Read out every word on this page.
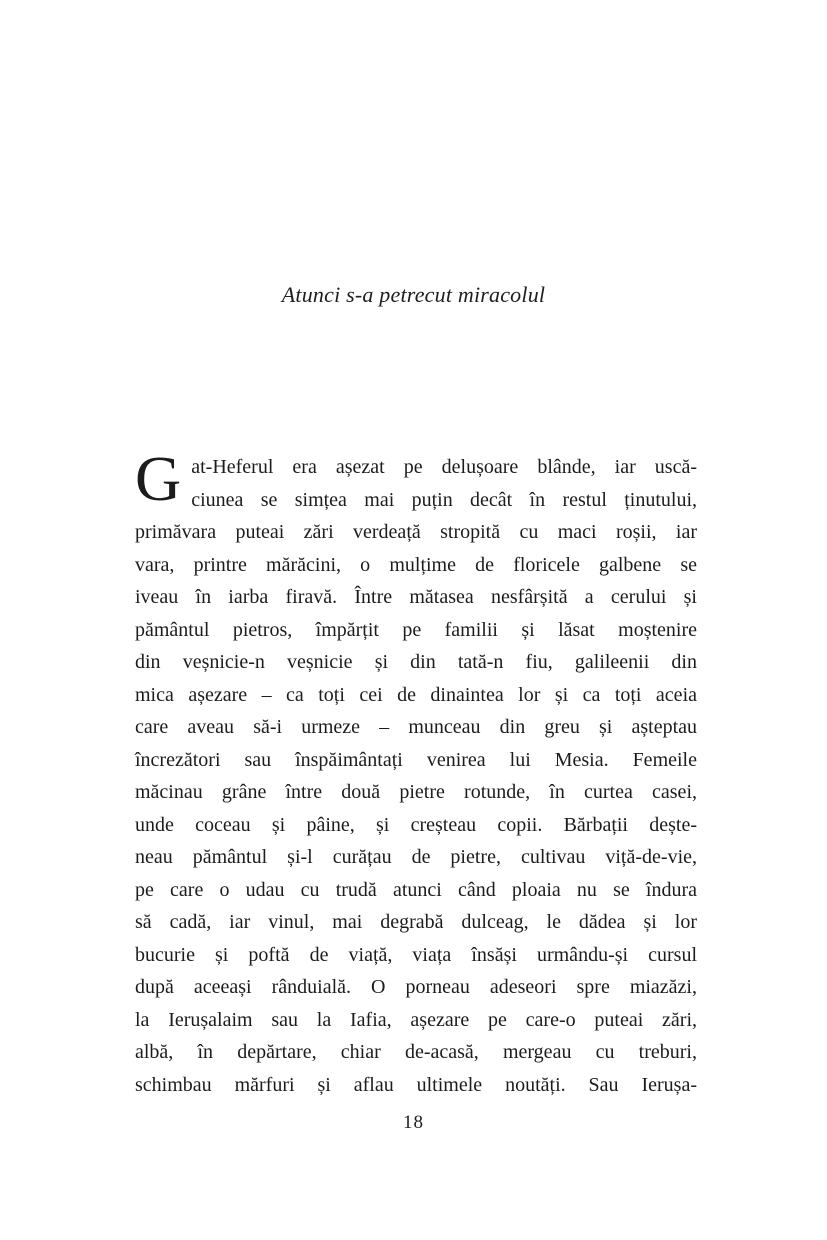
Atunci s-a petrecut miracolul
G at-Heferul era așezat pe delușoare blânde, iar uscă-
ciunea se simțea mai puțin decât în restul ținutului,
primăvara puteai zări verdeață stropită cu maci roșii, iar
vara, printre mărăcini, o mulțime de floricele galbene se
iveau în iarba firavă. Între mătasea nesfârșită a cerului și
pământul pietros, împărțit pe familii și lăsat moștenire
din veșnicie-n veșnicie și din tată-n fiu, galileenii din
mica așezare – ca toți cei de dinaintea lor și ca toți aceia
care aveau să-i urmeze – munceau din greu și așteptau
încrezători sau înspăimântați venirea lui Mesia. Femeile
măcinau grâne între două pietre rotunde, în curtea casei,
unde coceau și pâine, și creșteau copii. Bărbații dește-
neau pământul și-l curățau de pietre, cultivau viță-de-vie,
pe care o udau cu trudă atunci când ploaia nu se îndura
să cadă, iar vinul, mai degrabă dulceag, le dădea și lor
bucurie și poftă de viață, viața însăși urmându-și cursul
după aceeași rânduială. O porneau adeseori spre miazăzi,
la Ierușalaim sau la Iafia, așezare pe care-o puteai zări,
albă, în depărtare, chiar de-acasă, mergeau cu treburi,
schimbau mărfuri și aflau ultimele noutăți. Sau Ierușa-
18
